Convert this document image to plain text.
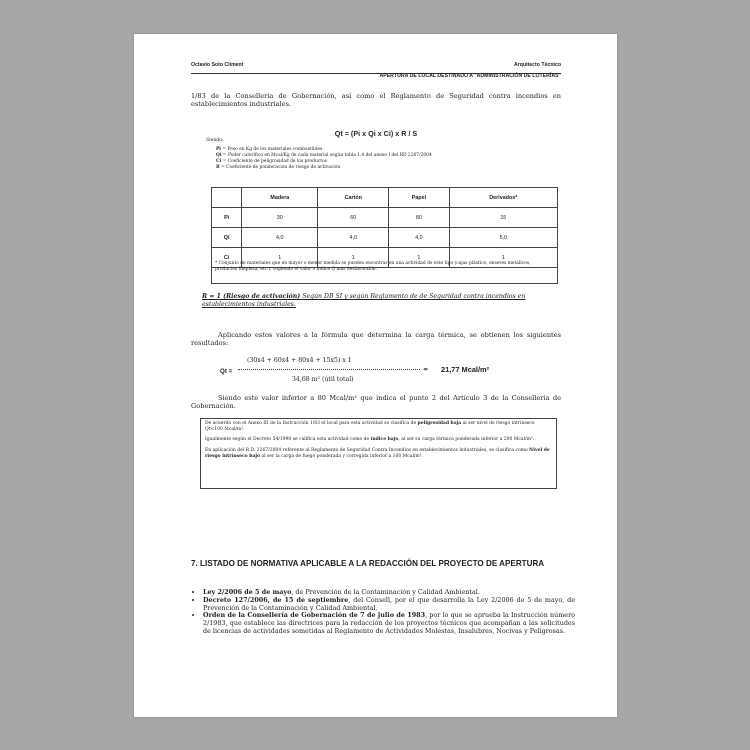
Octavio Soto Climent	Arquitecto Técnico
APERTURA DE LOCAL DESTINADO A "ADMINISTRACIÓN DE LOTERÍAS"
1/83 de la Consellería de Gobernación, así como el Reglamento de Seguridad contra incendios en establecimientos industriales.
Qt = (Pi x Qi x Ci) x R / S
Siendo:
Pi = Peso en Kg de los materiales combustibles
Qi = Poder calorífico en Mcal/Kg de cada material según tabla 1.4 del anexo I del RD 2267/2004
Ci = Coeficiente de peligrosidad de los productos
R = Coeficiente de ponderación de riesgo de activación
	Madera	Cartón	Papel	Derivados*
Pi	30	60	80	15
Qi	4,0	4,0	4,0	5,0
Ci	1	1	1	1
* Conjunto de materiales que en mayor o menor medida se pueden encontrar en una actividad de este tipo (cajas plástico, enseres metálicos, productos limpieza, etc.), cogiendo el valor o índice Q más desfavorable.
R = 1 (Riesgo de activación) Según DB SI y según Reglamento de de Seguridad contra incendios en establecimientos industriales.
Aplicando estos valores a la fórmula que determina la carga térmica, se obtienen los siguientes resultados:
(30x4 + 60x4 + 80x4 + 15x5) x 1
Qt =	= 21,77 Mcal/m²
34,68 m² (útil total)
Siendo este valor inferior a 80 Mcal/m² que indica el punto 2 del Artículo 3 de la Consellería de Gobernación.

De acuerdo con el Anexo III de la Instrucción 1/83 el local para esta actividad se clasifica de peligrosidad baja al ser nivel de riesgo intrínseco Qt<100 Mcal/m².

Igualmente según el Decreto 54/1990 se califica esta actividad como de índice bajo, al ser su carga térmica ponderada inferior a 200 Mcal/m².

En aplicación del R.D. 2267/2004 referente al Reglamento de Seguridad Contra Incendios en establecimientos industriales, se clasifica como Nivel de riesgo intrínseco bajo al ser la carga de fuego ponderada y corregida inferior a 100 Mcal/m².

7. LISTADO DE NORMATIVA APLICABLE A LA REDACCIÓN DEL PROYECTO DE APERTURA
• Ley 2/2006 de 5 de mayo, de Prevención de la Contaminación y Calidad Ambiental.
• Decreto 127/2006, de 15 de septiembre, del Consell, por el que desarrolla la Ley 2/2006 de 5 de mayo, de Prevención de la Contaminación y Calidad Ambiental.
• Orden de la Consellería de Gobernación de 7 de julio de 1983, por lo que se aprueba la Instrucción número 2/1983, que establece las directrices para la redacción de los proyectos técnicos que acompañan a las solicitudes de licencias de actividades sometidas al Reglamento de Actividades Molestas, Insalubres, Nocivas y Peligrosas.
